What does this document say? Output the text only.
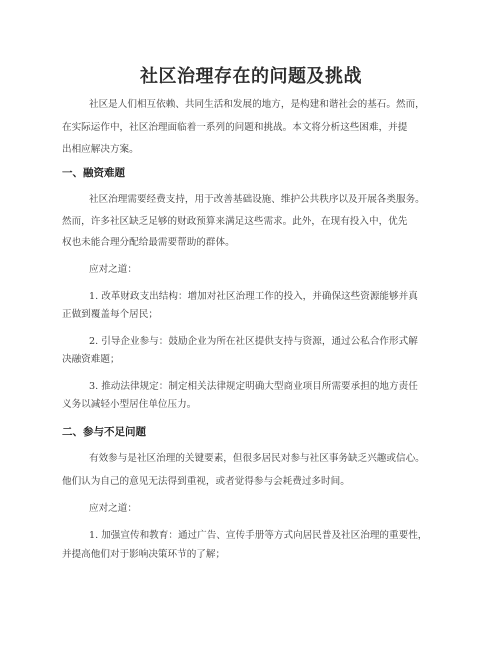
社区治理存在的问题及挑战
社区是人们相互依赖、共同生活和发展的地方，是构建和谐社会的基石。然而，
在实际运作中，社区治理面临着一系列的问题和挑战。本文将分析这些困难，并提
出相应解决方案。
一、融资难题
社区治理需要经费支持，用于改善基础设施、维护公共秩序以及开展各类服务。
然而，许多社区缺乏足够的财政预算来满足这些需求。此外，在现有投入中，优先
权也未能合理分配给最需要帮助的群体。
应对之道：
1. 改革财政支出结构：增加对社区治理工作的投入，并确保这些资源能够并真
正做到覆盖每个居民；
2. 引导企业参与：鼓励企业为所在社区提供支持与资源，通过公私合作形式解
决融资难题；
3. 推动法律规定：制定相关法律规定明确大型商业项目所需要承担的地方责任
义务以减轻小型居住单位压力。
二、参与不足问题
有效参与是社区治理的关键要素，但很多居民对参与社区事务缺乏兴趣或信心。
他们认为自己的意见无法得到重视，或者觉得参与会耗费过多时间。
应对之道：
1. 加强宣传和教育：通过广告、宣传手册等方式向居民普及社区治理的重要性，
并提高他们对于影响决策环节的了解；
